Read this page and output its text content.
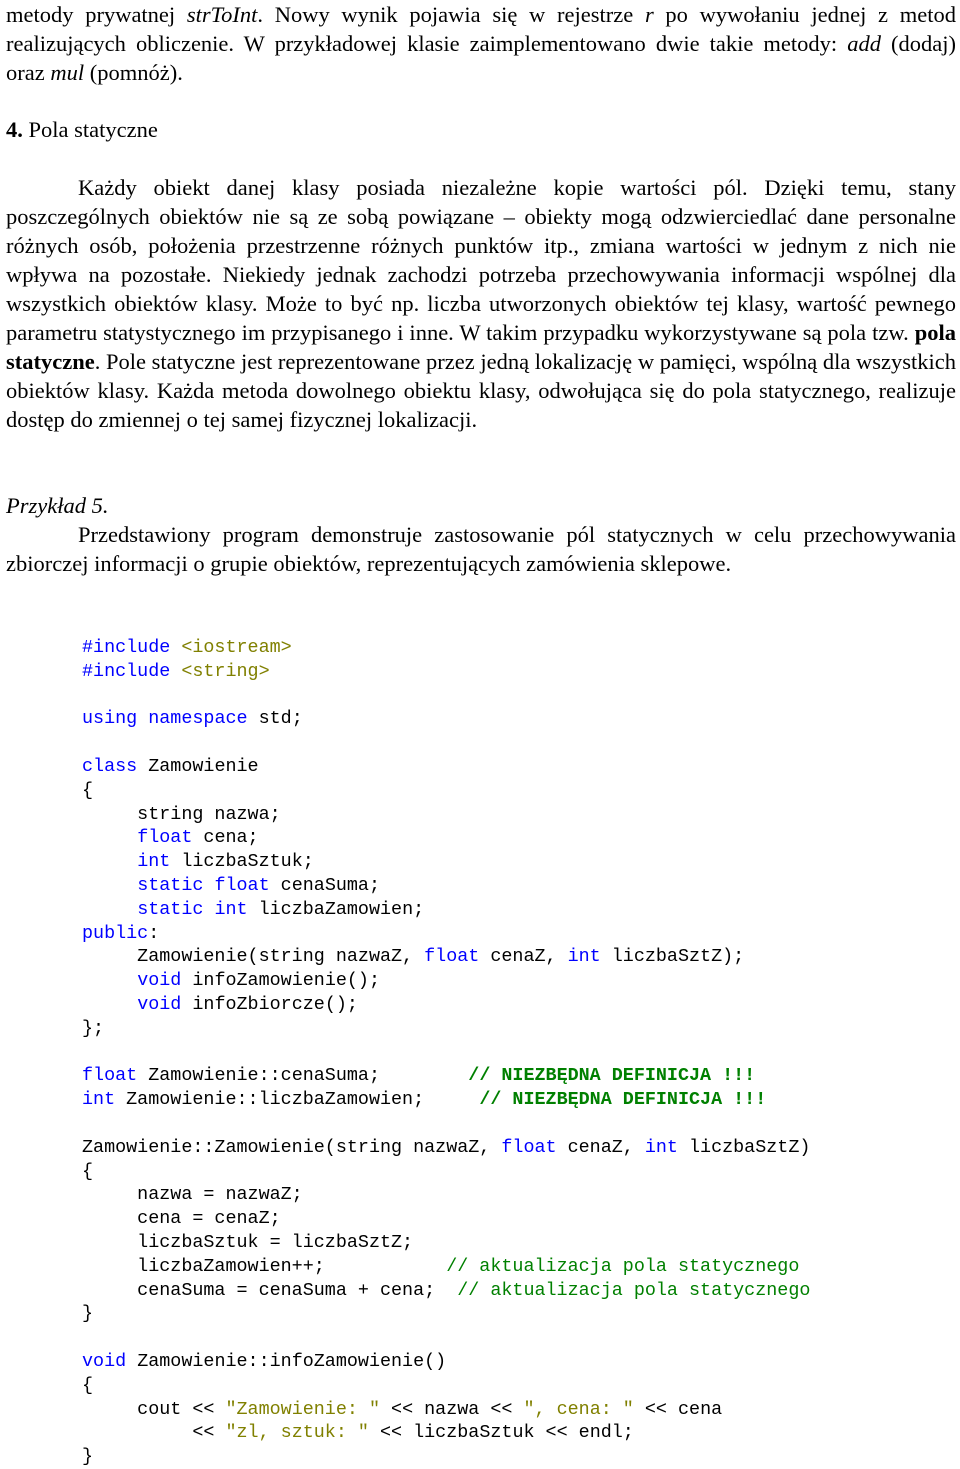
metody prywatnej strToInt. Nowy wynik pojawia się w rejestrze r po wywołaniu jednej z metod realizujących obliczenie. W przykładowej klasie zaimplementowano dwie takie metody: add (dodaj) oraz mul (pomnóż).

4. Pola statyczne

Każdy obiekt danej klasy posiada niezależne kopie wartości pól. Dzięki temu, stany poszczególnych obiektów nie są ze sobą powiązane – obiekty mogą odzwierciedlać dane personalne różnych osób, położenia przestrzenne różnych punktów itp., zmiana wartości w jednym z nich nie wpływa na pozostałe. Niekiedy jednak zachodzi potrzeba przechowywania informacji wspólnej dla wszystkich obiektów klasy. Może to być np. liczba utworzonych obiektów tej klasy, wartość pewnego parametru statystycznego im przypisanego i inne. W takim przypadku wykorzystywane są pola tzw. pola statyczne. Pole statyczne jest reprezentowane przez jedną lokalizację w pamięci, wspólną dla wszystkich obiektów klasy. Każda metoda dowolnego obiektu klasy, odwołująca się do pola statycznego, realizuje dostęp do zmiennej o tej samej fizycznej lokalizacji.

Przykład 5.

Przedstawiony program demonstruje zastosowanie pól statycznych w celu przechowywania zbiorczej informacji o grupie obiektów, reprezentujących zamówienia sklepowe.

#include <iostream>
#include <string>
using namespace std;
class Zamowienie
{
string nazwa;
float cena;
int liczbaSztuk;
static float cenaSuma;
static int liczbaZamowien;
public:
Zamowienie(string nazwaZ, float cenaZ, int liczbaSztZ);
void infoZamowienie();
void infoZbiorcze();
};
float Zamowienie::cenaSuma;        // NIEZBĘDNA DEFINICJA !!!
int Zamowienie::liczbaZamowien;     // NIEZBĘDNA DEFINICJA !!!
Zamowienie::Zamowienie(string nazwaZ, float cenaZ, int liczbaSztZ)
{
nazwa = nazwaZ;
cena = cenaZ;
liczbaSztuk = liczbaSztZ;
liczbaZamowien++;           // aktualizacja pola statycznego
cenaSuma = cenaSuma + cena;  // aktualizacja pola statycznego
}
void Zamowienie::infoZamowienie()
{
cout << "Zamowienie: " << nazwa << ", cena: " << cena
<< "zl, sztuk: " << liczbaSztuk << endl;
}
